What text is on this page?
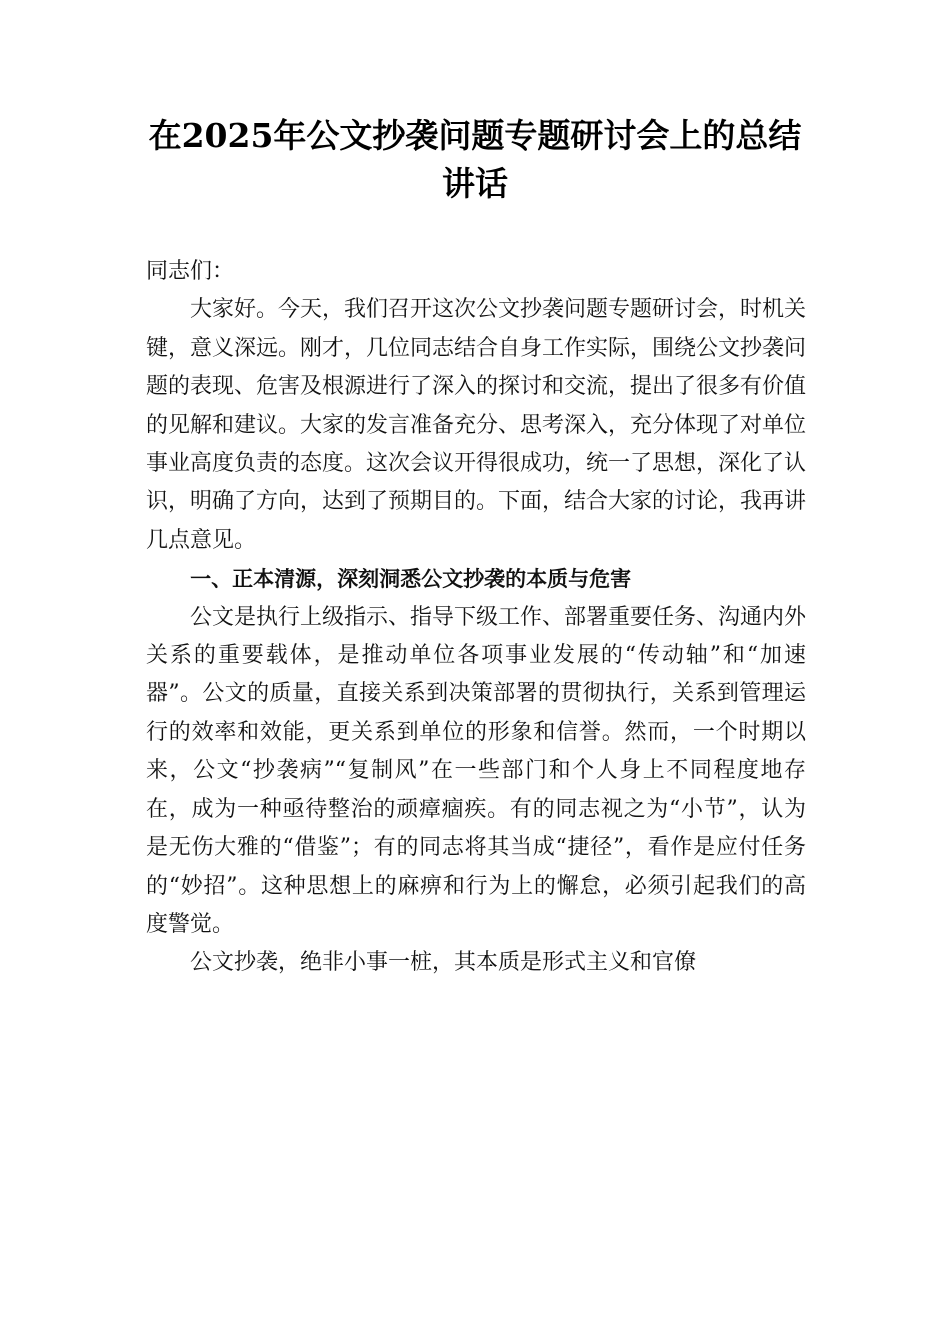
在2025年公文抄袭问题专题研讨会上的总结讲话

同志们：

大家好。今天，我们召开这次公文抄袭问题专题研讨会，时机关键，意义深远。刚才，几位同志结合自身工作实际，围绕公文抄袭问题的表现、危害及根源进行了深入的探讨和交流，提出了很多有价值的见解和建议。大家的发言准备充分、思考深入，充分体现了对单位事业高度负责的态度。这次会议开得很成功，统一了思想，深化了认识，明确了方向，达到了预期目的。下面，结合大家的讨论，我再讲几点意见。

一、正本清源，深刻洞悉公文抄袭的本质与危害

公文是执行上级指示、指导下级工作、部署重要任务、沟通内外关系的重要载体，是推动单位各项事业发展的“传动轴”和“加速器”。公文的质量，直接关系到决策部署的贯彻执行，关系到管理运行的效率和效能，更关系到单位的形象和信誉。然而，一个时期以来，公文“抄袭病”“复制风”在一些部门和个人身上不同程度地存在，成为一种亟待整治的顽瘴痼疾。有的同志视之为“小节”，认为是无伤大雅的“借鉴”；有的同志将其当成“捷径”，看作是应付任务的“妙招”。这种思想上的麻痹和行为上的懈怠，必须引起我们的高度警觉。

公文抄袭，绝非小事一桩，其本质是形式主义和官僚
